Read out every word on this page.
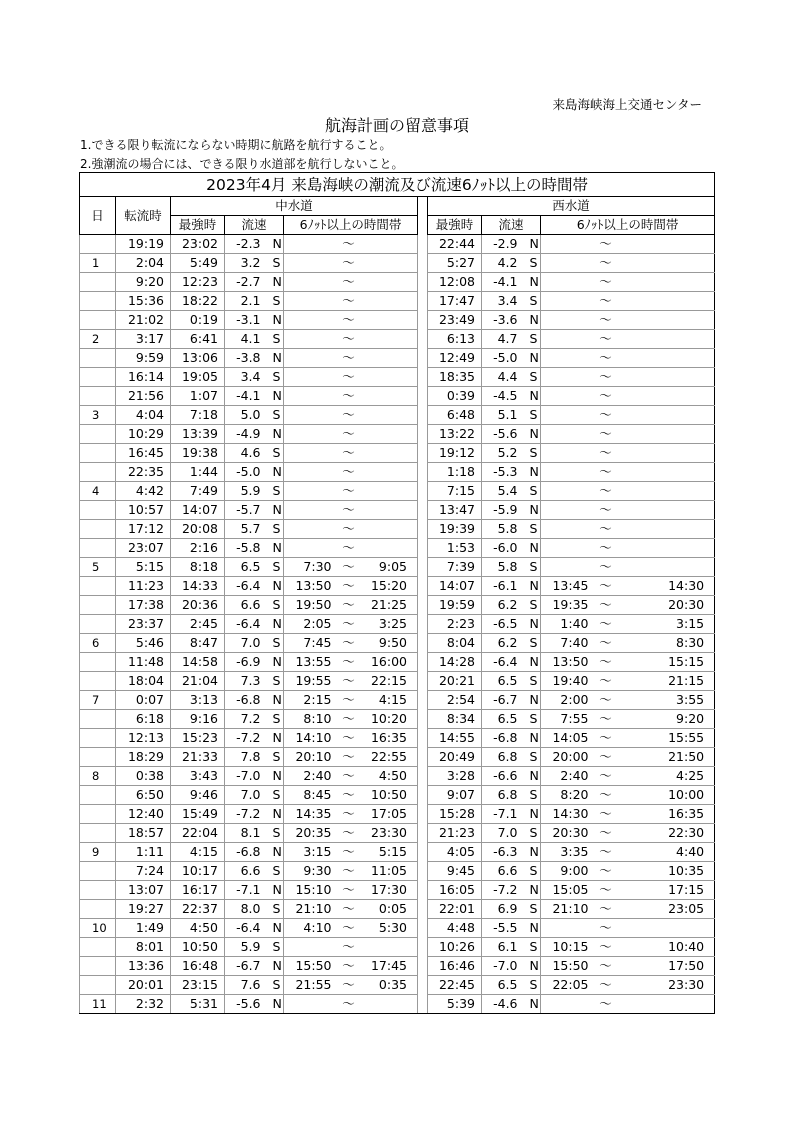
来島海峡海上交通センター
航海計画の留意事項
1.できる限り転流にならない時期に航路を航行すること。
2.強潮流の場合には、できる限り水道部を航行しないこと。
2023年4月 来島海峡の潮流及び流速6ﾉｯﾄ以上の時間帯														
日	転流時	中水道							西水道					
		最強時	流速		6ﾉｯﾄ以上の時間帯				最強時	流速		6ﾉｯﾄ以上の時間帯		
	19:19	23:02	-2.3	N		～			22:44	-2.9	N		～	
1	2:04	5:49	3.2	S		～			5:27	4.2	S		～	
	9:20	12:23	-2.7	N		～			12:08	-4.1	N		～	
	15:36	18:22	2.1	S		～			17:47	3.4	S		～	
	21:02	0:19	-3.1	N		～			23:49	-3.6	N		～	
2	3:17	6:41	4.1	S		～			6:13	4.7	S		～	
	9:59	13:06	-3.8	N		～			12:49	-5.0	N		～	
	16:14	19:05	3.4	S		～			18:35	4.4	S		～	
	21:56	1:07	-4.1	N		～			0:39	-4.5	N		～	
3	4:04	7:18	5.0	S		～			6:48	5.1	S		～	
	10:29	13:39	-4.9	N		～			13:22	-5.6	N		～	
	16:45	19:38	4.6	S		～			19:12	5.2	S		～	
	22:35	1:44	-5.0	N		～			1:18	-5.3	N		～	
4	4:42	7:49	5.9	S		～			7:15	5.4	S		～	
	10:57	14:07	-5.7	N		～			13:47	-5.9	N		～	
	17:12	20:08	5.7	S		～			19:39	5.8	S		～	
	23:07	2:16	-5.8	N		～			1:53	-6.0	N		～	
5	5:15	8:18	6.5	S	7:30	～	9:05		7:39	5.8	S		～	
	11:23	14:33	-6.4	N	13:50	～	15:20		14:07	-6.1	N	13:45	～	14:30
	17:38	20:36	6.6	S	19:50	～	21:25		19:59	6.2	S	19:35	～	20:30
	23:37	2:45	-6.4	N	2:05	～	3:25		2:23	-6.5	N	1:40	～	3:15
6	5:46	8:47	7.0	S	7:45	～	9:50		8:04	6.2	S	7:40	～	8:30
	11:48	14:58	-6.9	N	13:55	～	16:00		14:28	-6.4	N	13:50	～	15:15
	18:04	21:04	7.3	S	19:55	～	22:15		20:21	6.5	S	19:40	～	21:15
7	0:07	3:13	-6.8	N	2:15	～	4:15		2:54	-6.7	N	2:00	～	3:55
	6:18	9:16	7.2	S	8:10	～	10:20		8:34	6.5	S	7:55	～	9:20
	12:13	15:23	-7.2	N	14:10	～	16:35		14:55	-6.8	N	14:05	～	15:55
	18:29	21:33	7.8	S	20:10	～	22:55		20:49	6.8	S	20:00	～	21:50
8	0:38	3:43	-7.0	N	2:40	～	4:50		3:28	-6.6	N	2:40	～	4:25
	6:50	9:46	7.0	S	8:45	～	10:50		9:07	6.8	S	8:20	～	10:00
	12:40	15:49	-7.2	N	14:35	～	17:05		15:28	-7.1	N	14:30	～	16:35
	18:57	22:04	8.1	S	20:35	～	23:30		21:23	7.0	S	20:30	～	22:30
9	1:11	4:15	-6.8	N	3:15	～	5:15		4:05	-6.3	N	3:35	～	4:40
	7:24	10:17	6.6	S	9:30	～	11:05		9:45	6.6	S	9:00	～	10:35
	13:07	16:17	-7.1	N	15:10	～	17:30		16:05	-7.2	N	15:05	～	17:15
	19:27	22:37	8.0	S	21:10	～	0:05		22:01	6.9	S	21:10	～	23:05
10	1:49	4:50	-6.4	N	4:10	～	5:30		4:48	-5.5	N		～	
	8:01	10:50	5.9	S		～			10:26	6.1	S	10:15	～	10:40
	13:36	16:48	-6.7	N	15:50	～	17:45		16:46	-7.0	N	15:50	～	17:50
	20:01	23:15	7.6	S	21:55	～	0:35		22:45	6.5	S	22:05	～	23:30
11	2:32	5:31	-5.6	N		～			5:39	-4.6	N		～	
